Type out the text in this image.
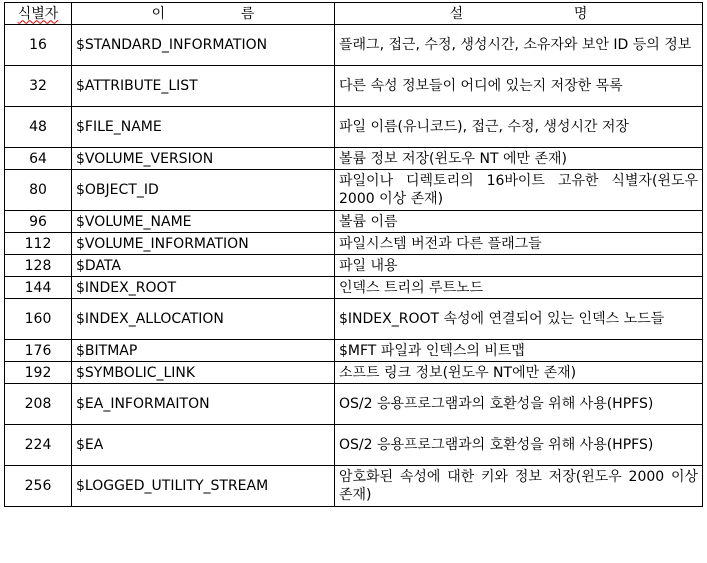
식별자	이 름	설 명

16	$STANDARD_INFORMATION	플래그, 접근, 수정, 생성시간, 소유자와 보안 ID 등의 정보
32	$ATTRIBUTE_LIST	다른 속성 정보들이 어디에 있는지 저장한 목록
48	$FILE_NAME	파일 이름(유니코드), 접근, 수정, 생성시간 저장
64	$VOLUME_VERSION	볼륨 정보 저장(윈도우 NT 에만 존재)
80	$OBJECT_ID	파일이나 디렉토리의 16바이트 고유한 식별자(윈도우 2000 이상 존재)
96	$VOLUME_NAME	볼륨 이름
112	$VOLUME_INFORMATION	파일시스템 버전과 다른 플래그들
128	$DATA	파일 내용
144	$INDEX_ROOT	인덱스 트리의 루트노드
160	$INDEX_ALLOCATION	$INDEX_ROOT 속성에 연결되어 있는 인덱스 노드들
176	$BITMAP	$MFT 파일과 인덱스의 비트맵
192	$SYMBOLIC_LINK	소프트 링크 정보(윈도우 NT에만 존재)
208	$EA_INFORMAITON	OS/2 응용프로그램과의 호환성을 위해 사용(HPFS)
224	$EA	OS/2 응용프로그램과의 호환성을 위해 사용(HPFS)
256	$LOGGED_UTILITY_STREAM	암호화된 속성에 대한 키와 정보 저장(윈도우 2000 이상 존재)
